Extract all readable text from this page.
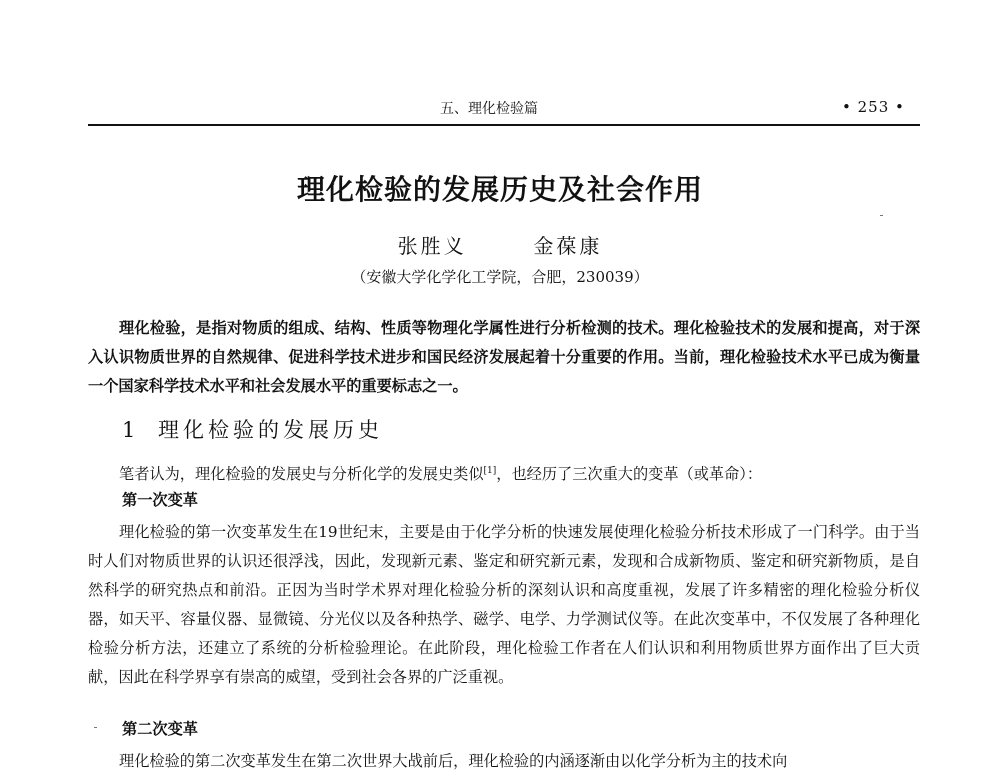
五、理化检验篇	• 253 •
理化检验的发展历史及社会作用
张胜义	金葆康
（安徽大学化学化工学院，合肥，230039）

理化检验，是指对物质的组成、结构、性质等物理化学属性进行分析检测的技术。理化检验技术的发展和提高，对于深入认识物质世界的自然规律、促进科学技术进步和国民经济发展起着十分重要的作用。当前，理化检验技术水平已成为衡量一个国家科学技术水平和社会发展水平的重要标志之一。

1 理化检验的发展历史

笔者认为，理化检验的发展史与分析化学的发展史类似[1]，也经历了三次重大的变革（或革命）：

第一次变革

理化检验的第一次变革发生在19世纪末，主要是由于化学分析的快速发展使理化检验分析技术形成了一门科学。由于当时人们对物质世界的认识还很浮浅，因此，发现新元素、鉴定和研究新元素，发现和合成新物质、鉴定和研究新物质，是自然科学的研究热点和前沿。正因为当时学术界对理化检验分析的深刻认识和高度重视，发展了许多精密的理化检验分析仪器，如天平、容量仪器、显微镜、分光仪以及各种热学、磁学、电学、力学测试仪等。在此次变革中，不仅发展了各种理化检验分析方法，还建立了系统的分析检验理论。在此阶段，理化检验工作者在人们认识和利用物质世界方面作出了巨大贡献，因此在科学界享有崇高的威望，受到社会各界的广泛重视。

第二次变革

理化检验的第二次变革发生在第二次世界大战前后，理化检验的内涵逐渐由以化学分析为主的技术向
